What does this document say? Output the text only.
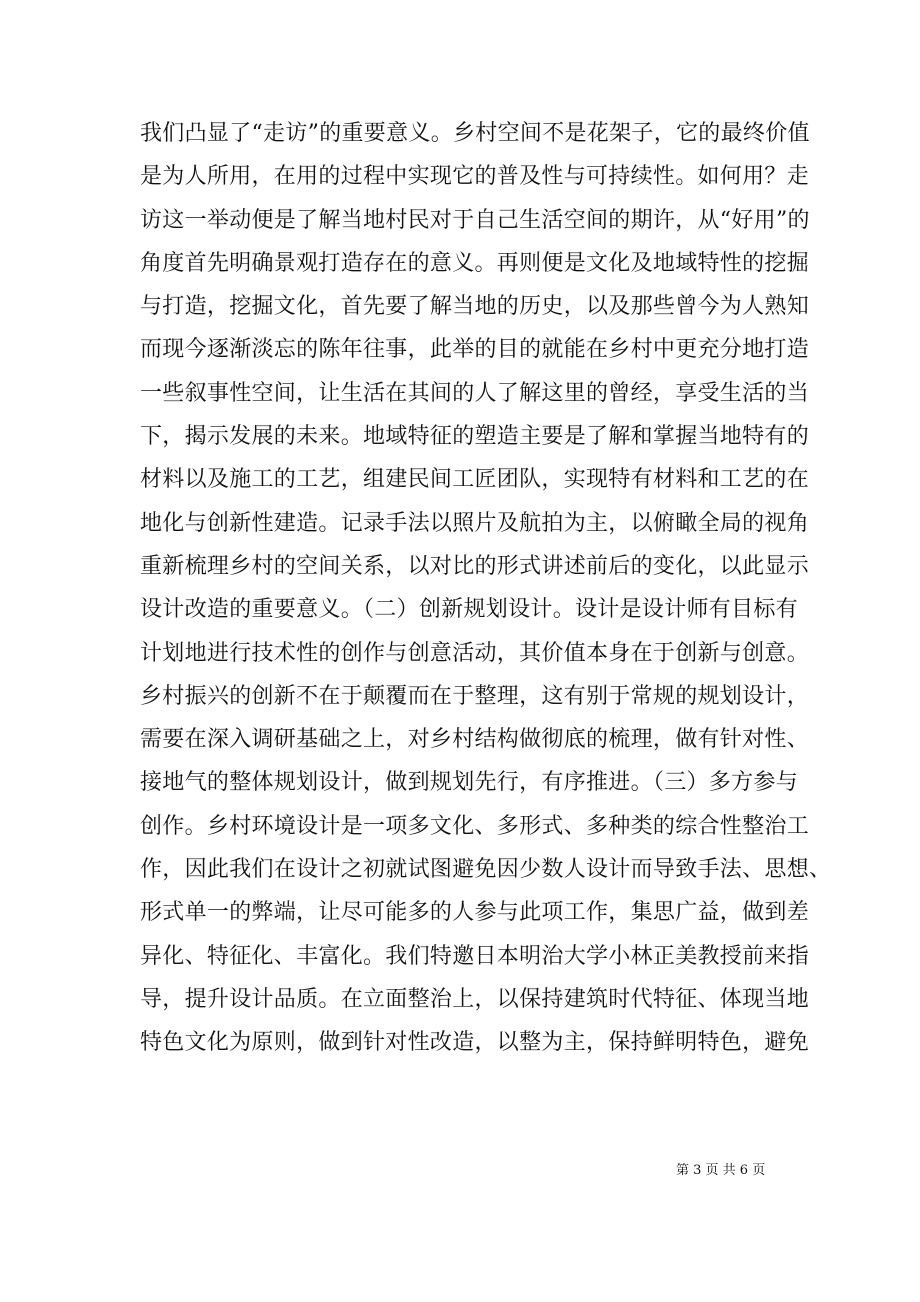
我们凸显了“走访”的重要意义。乡村空间不是花架子，它的最终价值
是为人所用，在用的过程中实现它的普及性与可持续性。如何用？走
访这一举动便是了解当地村民对于自己生活空间的期许，从“好用”的
角度首先明确景观打造存在的意义。再则便是文化及地域特性的挖掘
与打造，挖掘文化，首先要了解当地的历史，以及那些曾今为人熟知
而现今逐渐淡忘的陈年往事，此举的目的就能在乡村中更充分地打造
一些叙事性空间，让生活在其间的人了解这里的曾经，享受生活的当
下，揭示发展的未来。地域特征的塑造主要是了解和掌握当地特有的
材料以及施工的工艺，组建民间工匠团队，实现特有材料和工艺的在
地化与创新性建造。记录手法以照片及航拍为主，以俯瞰全局的视角
重新梳理乡村的空间关系，以对比的形式讲述前后的变化，以此显示
设计改造的重要意义。（二）创新规划设计。设计是设计师有目标有
计划地进行技术性的创作与创意活动，其价值本身在于创新与创意。
乡村振兴的创新不在于颠覆而在于整理，这有别于常规的规划设计，
需要在深入调研基础之上，对乡村结构做彻底的梳理，做有针对性、
接地气的整体规划设计，做到规划先行，有序推进。（三）多方参与
创作。乡村环境设计是一项多文化、多形式、多种类的综合性整治工
作，因此我们在设计之初就试图避免因少数人设计而导致手法、思想、
形式单一的弊端，让尽可能多的人参与此项工作，集思广益，做到差
异化、特征化、丰富化。我们特邀日本明治大学小林正美教授前来指
导，提升设计品质。在立面整治上，以保持建筑时代特征、体现当地
特色文化为原则，做到针对性改造，以整为主，保持鲜明特色，避免
第 3 页 共 6 页
